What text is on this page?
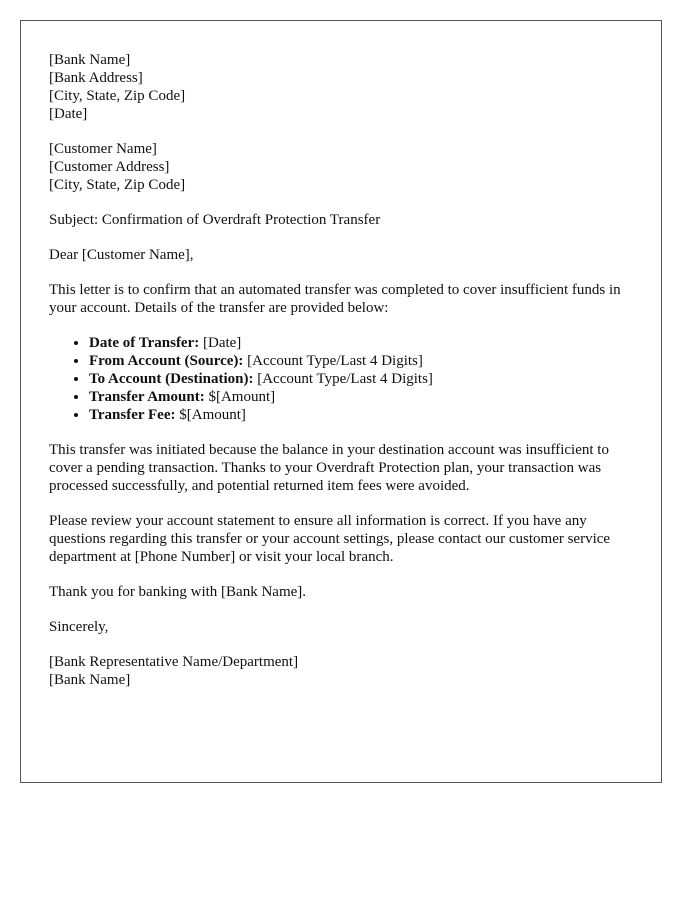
[Bank Name]
[Bank Address]
[City, State, Zip Code]
[Date]

[Customer Name]
[Customer Address]
[City, State, Zip Code]

Subject: Confirmation of Overdraft Protection Transfer

Dear [Customer Name],

This letter is to confirm that an automated transfer was completed to cover insufficient funds in your account. Details of the transfer are provided below:

• Date of Transfer: [Date]
• From Account (Source): [Account Type/Last 4 Digits]
• To Account (Destination): [Account Type/Last 4 Digits]
• Transfer Amount: $[Amount]
• Transfer Fee: $[Amount]

This transfer was initiated because the balance in your destination account was insufficient to cover a pending transaction. Thanks to your Overdraft Protection plan, your transaction was processed successfully, and potential returned item fees were avoided.

Please review your account statement to ensure all information is correct. If you have any questions regarding this transfer or your account settings, please contact our customer service department at [Phone Number] or visit your local branch.

Thank you for banking with [Bank Name].

Sincerely,

[Bank Representative Name/Department]
[Bank Name]
